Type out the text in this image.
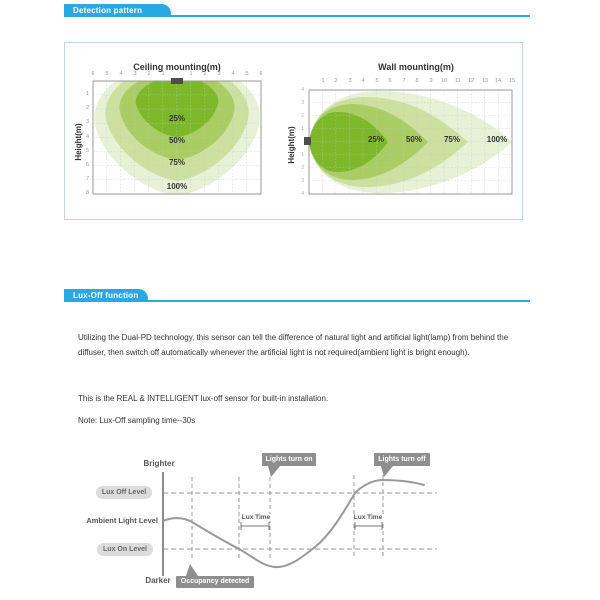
Detection pattern
Ceiling mounting(m)
Height(m)
6	5	4	3	2	1	1	2	3	4	5	6
1
2
3
4
5
6
7
8
25%
50%
75%
100%
Wall mounting(m)
Height(m)
1	2	3	4	5	6	7	8	9	10	11	12	13	14	15
4
3
2
1
1
2
3
4
25%	50%	75%	100%
Lux-Off function
Utilizing the Dual-PD technology, this sensor can tell the difference of natural light and artificial light(lamp) from behind the diffuser, then switch off automatically whenever the artificial light is not required(ambient light is bright enough).
This is the REAL & INTELLIGENT lux-off sensor for built-in installation.
Note: Lux-Off sampling time--30s
Brighter
Lux Off Level
Ambient Light Level
Lux On Level
Darker
Lights turn on	Lights turn off
Occupancy detected
Lux Time	Lux Time
